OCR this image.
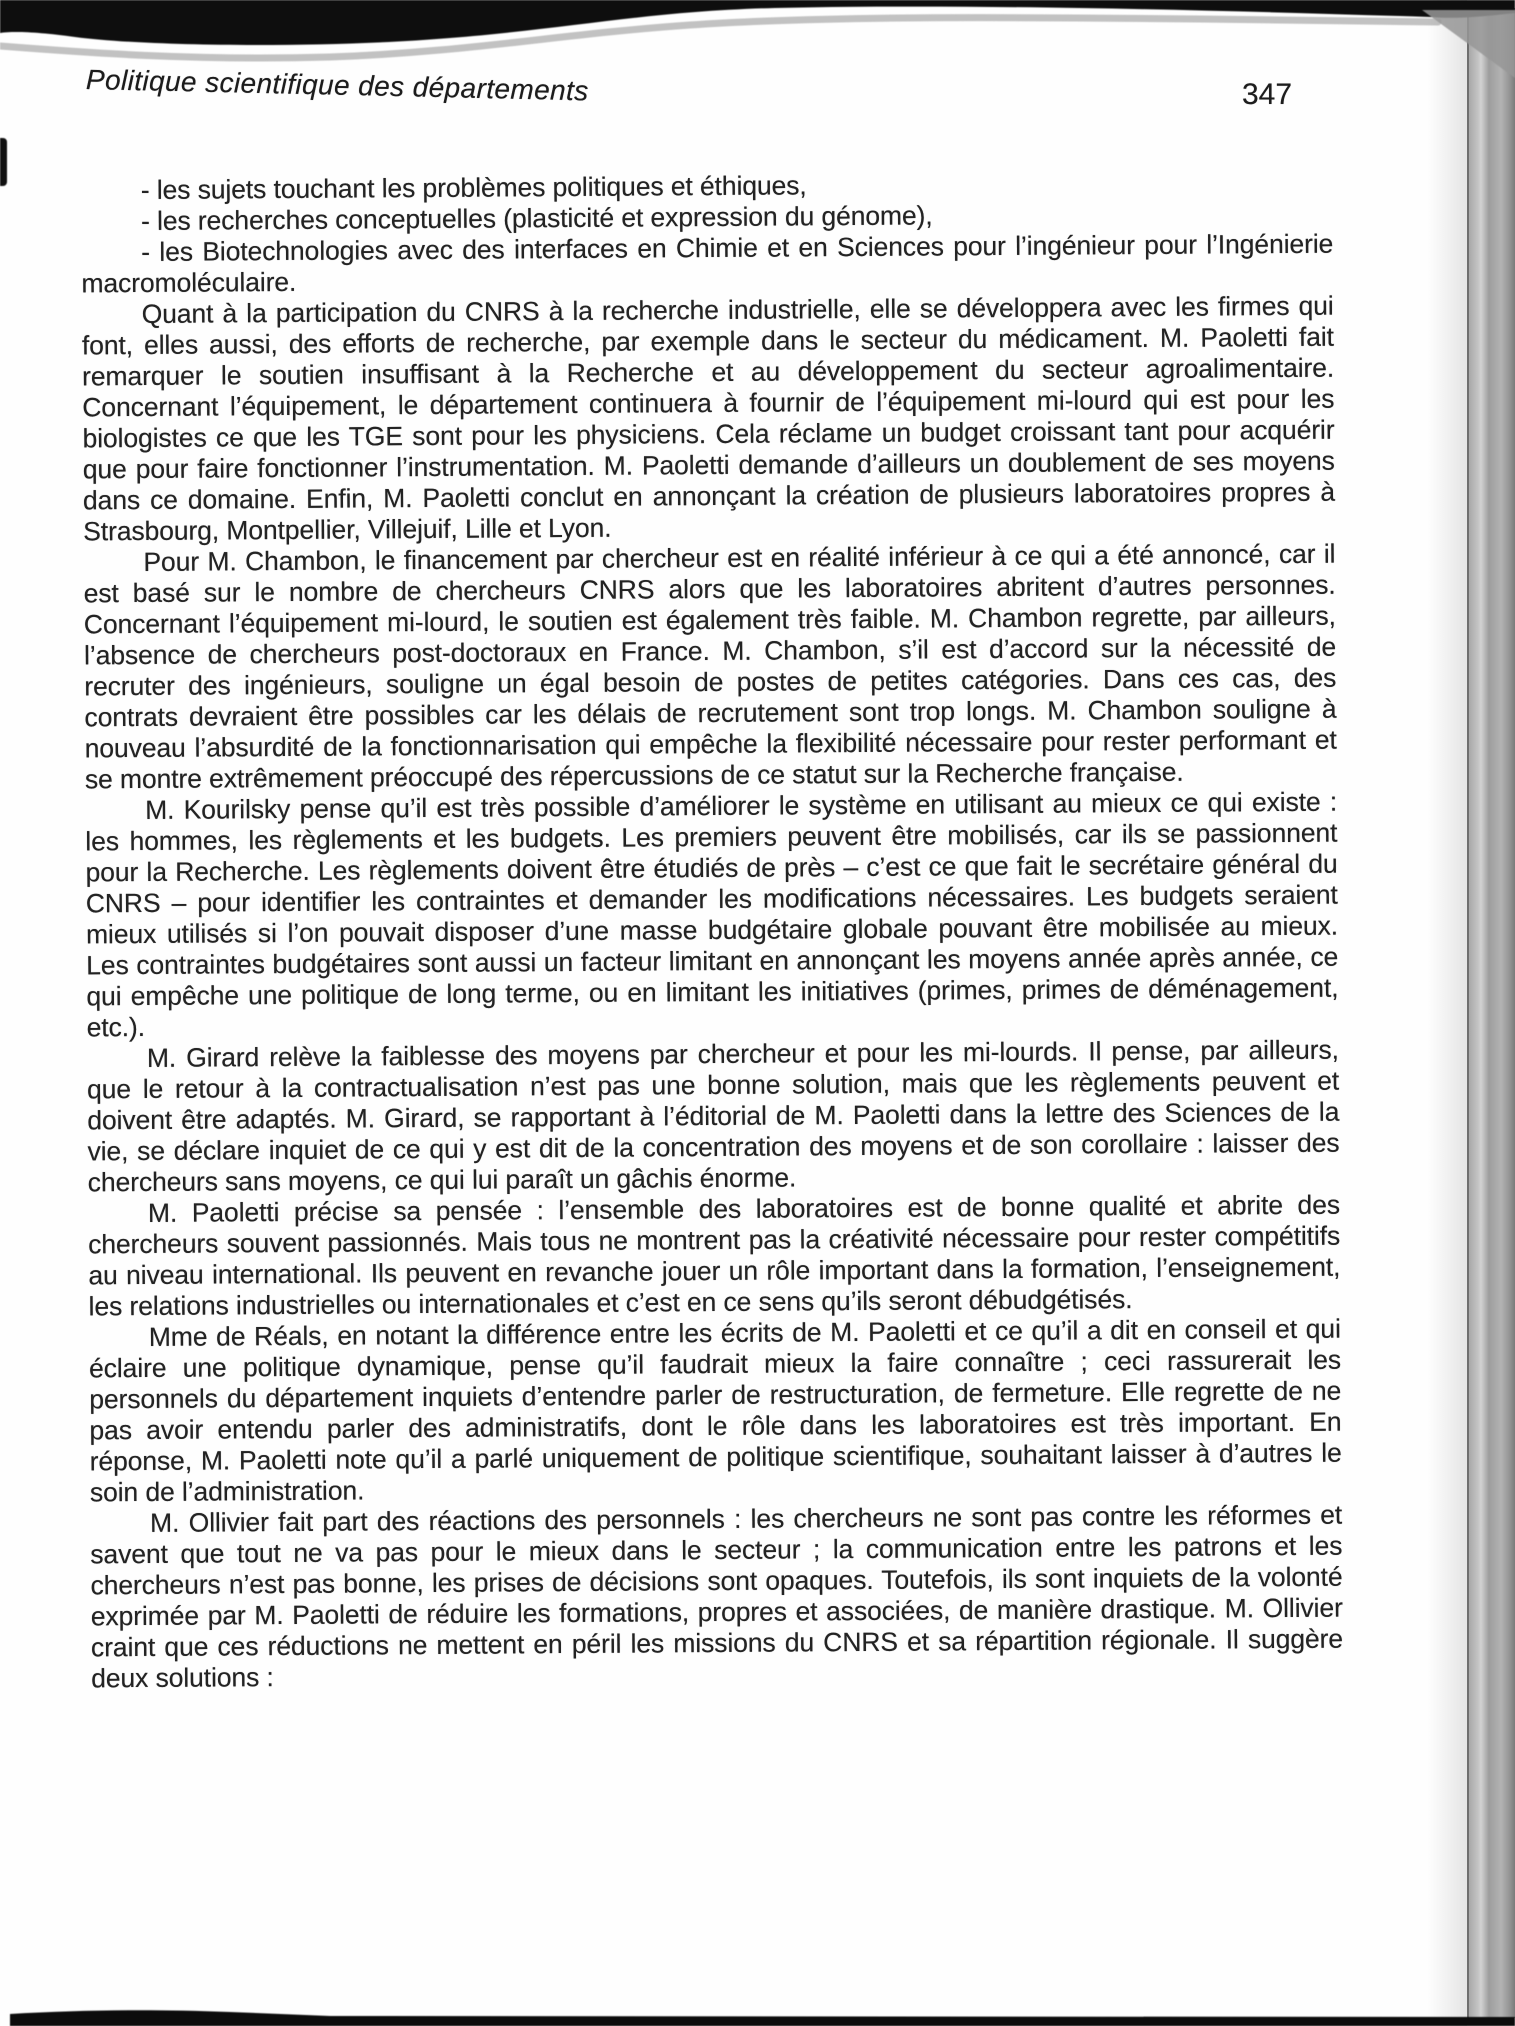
Politique scientifique des départements	347

- les sujets touchant les problèmes politiques et éthiques,

- les recherches conceptuelles (plasticité et expression du génome),

- les Biotechnologies avec des interfaces en Chimie et en Sciences pour l’ingénieur pour l’Ingénierie macromoléculaire.

Quant à la participation du CNRS à la recherche industrielle, elle se développera avec les firmes qui font, elles aussi, des efforts de recherche, par exemple dans le secteur du médicament. M. Paoletti fait remarquer le soutien insuffisant à la Recherche et au développement du secteur agroalimentaire. Concernant l’équipement, le département continuera à fournir de l’équipement mi-lourd qui est pour les biologistes ce que les TGE sont pour les physiciens. Cela réclame un budget croissant tant pour acquérir que pour faire fonctionner l’instrumentation. M. Paoletti demande d’ailleurs un doublement de ses moyens dans ce domaine. Enfin, M. Paoletti conclut en annonçant la création de plusieurs laboratoires propres à Strasbourg, Montpellier, Villejuif, Lille et Lyon.

Pour M. Chambon, le financement par chercheur est en réalité inférieur à ce qui a été annoncé, car il est basé sur le nombre de chercheurs CNRS alors que les laboratoires abritent d’autres personnes. Concernant l’équipement mi-lourd, le soutien est également très faible. M. Chambon regrette, par ailleurs, l’absence de chercheurs post-doctoraux en France. M. Chambon, s’il est d’accord sur la nécessité de recruter des ingénieurs, souligne un égal besoin de postes de petites catégories. Dans ces cas, des contrats devraient être possibles car les délais de recrutement sont trop longs. M. Chambon souligne à nouveau l’absurdité de la fonctionnarisation qui empêche la flexibilité nécessaire pour rester performant et se montre extrêmement préoccupé des répercussions de ce statut sur la Recherche française.

M. Kourilsky pense qu’il est très possible d’améliorer le système en utilisant au mieux ce qui existe : les hommes, les règlements et les budgets. Les premiers peuvent être mobilisés, car ils se passionnent pour la Recherche. Les règlements doivent être étudiés de près – c’est ce que fait le secrétaire général du CNRS – pour identifier les contraintes et demander les modifications nécessaires. Les budgets seraient mieux utilisés si l’on pouvait disposer d’une masse budgétaire globale pouvant être mobilisée au mieux. Les contraintes budgétaires sont aussi un facteur limitant en annonçant les moyens année après année, ce qui empêche une politique de long terme, ou en limitant les initiatives (primes, primes de déménagement, etc.).

M. Girard relève la faiblesse des moyens par chercheur et pour les mi-lourds. Il pense, par ailleurs, que le retour à la contractualisation n’est pas une bonne solution, mais que les règlements peuvent et doivent être adaptés. M. Girard, se rapportant à l’éditorial de M. Paoletti dans la lettre des Sciences de la vie, se déclare inquiet de ce qui y est dit de la concentration des moyens et de son corollaire : laisser des chercheurs sans moyens, ce qui lui paraît un gâchis énorme.

M. Paoletti précise sa pensée : l’ensemble des laboratoires est de bonne qualité et abrite des chercheurs souvent passionnés. Mais tous ne montrent pas la créativité nécessaire pour rester compétitifs au niveau international. Ils peuvent en revanche jouer un rôle important dans la formation, l’enseignement, les relations industrielles ou internationales et c’est en ce sens qu’ils seront débudgétisés.

Mme de Réals, en notant la différence entre les écrits de M. Paoletti et ce qu’il a dit en conseil et qui éclaire une politique dynamique, pense qu’il faudrait mieux la faire connaître ; ceci rassurerait les personnels du département inquiets d’entendre parler de restructuration, de fermeture. Elle regrette de ne pas avoir entendu parler des administratifs, dont le rôle dans les laboratoires est très important. En réponse, M. Paoletti note qu’il a parlé uniquement de politique scientifique, souhaitant laisser à d’autres le soin de l’administration.

M. Ollivier fait part des réactions des personnels : les chercheurs ne sont pas contre les réformes et savent que tout ne va pas pour le mieux dans le secteur ; la communication entre les patrons et les chercheurs n’est pas bonne, les prises de décisions sont opaques. Toutefois, ils sont inquiets de la volonté exprimée par M. Paoletti de réduire les formations, propres et associées, de manière drastique. M. Ollivier craint que ces réductions ne mettent en péril les missions du CNRS et sa répartition régionale. Il suggère deux solutions :
